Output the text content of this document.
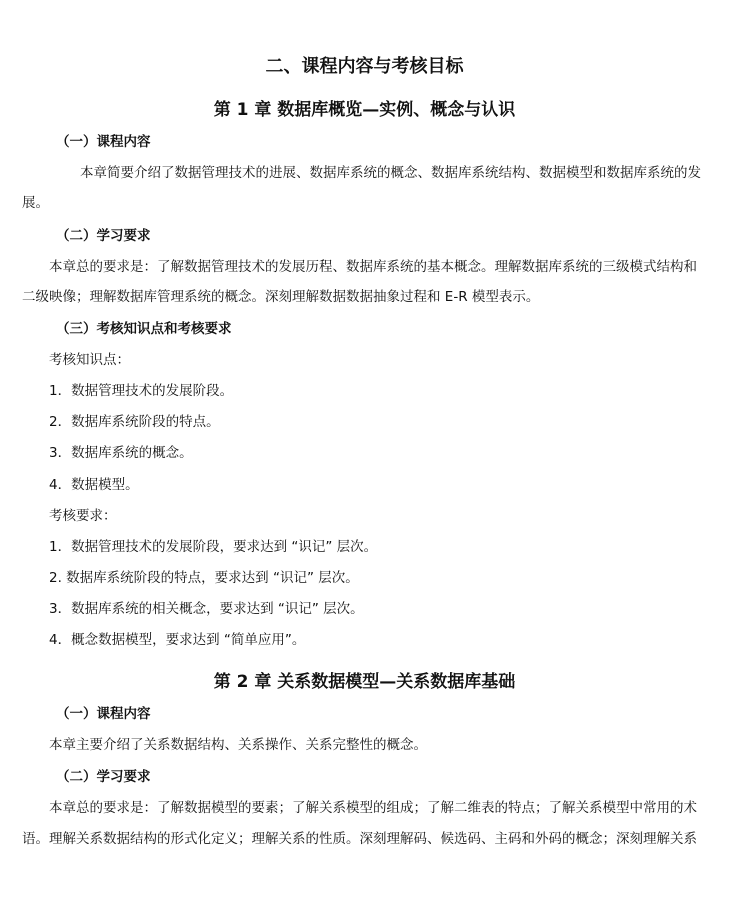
二、课程内容与考核目标
第 1 章 数据库概览—实例、概念与认识
（一）课程内容
本章简要介绍了数据管理技术的进展、数据库系统的概念、数据库系统结构、数据模型和数据库系统的发
展。
（二）学习要求
本章总的要求是：了解数据管理技术的发展历程、数据库系统的基本概念。理解数据库系统的三级模式结构和
二级映像；理解数据库管理系统的概念。深刻理解数据数据抽象过程和 E-R 模型表示。
（三）考核知识点和考核要求
考核知识点：
1．数据管理技术的发展阶段。
2．数据库系统阶段的特点。
3．数据库系统的概念。
4．数据模型。
考核要求：
1．数据管理技术的发展阶段，要求达到 “识记” 层次。
2. 数据库系统阶段的特点，要求达到 “识记” 层次。
3．数据库系统的相关概念，要求达到 “识记” 层次。
4．概念数据模型，要求达到 “简单应用”。
第 2 章 关系数据模型—关系数据库基础
（一）课程内容
本章主要介绍了关系数据结构、关系操作、关系完整性的概念。
（二）学习要求
本章总的要求是：了解数据模型的要素；了解关系模型的组成；了解二维表的特点；了解关系模型中常用的术
语。理解关系数据结构的形式化定义；理解关系的性质。深刻理解码、候选码、主码和外码的概念；深刻理解关系
